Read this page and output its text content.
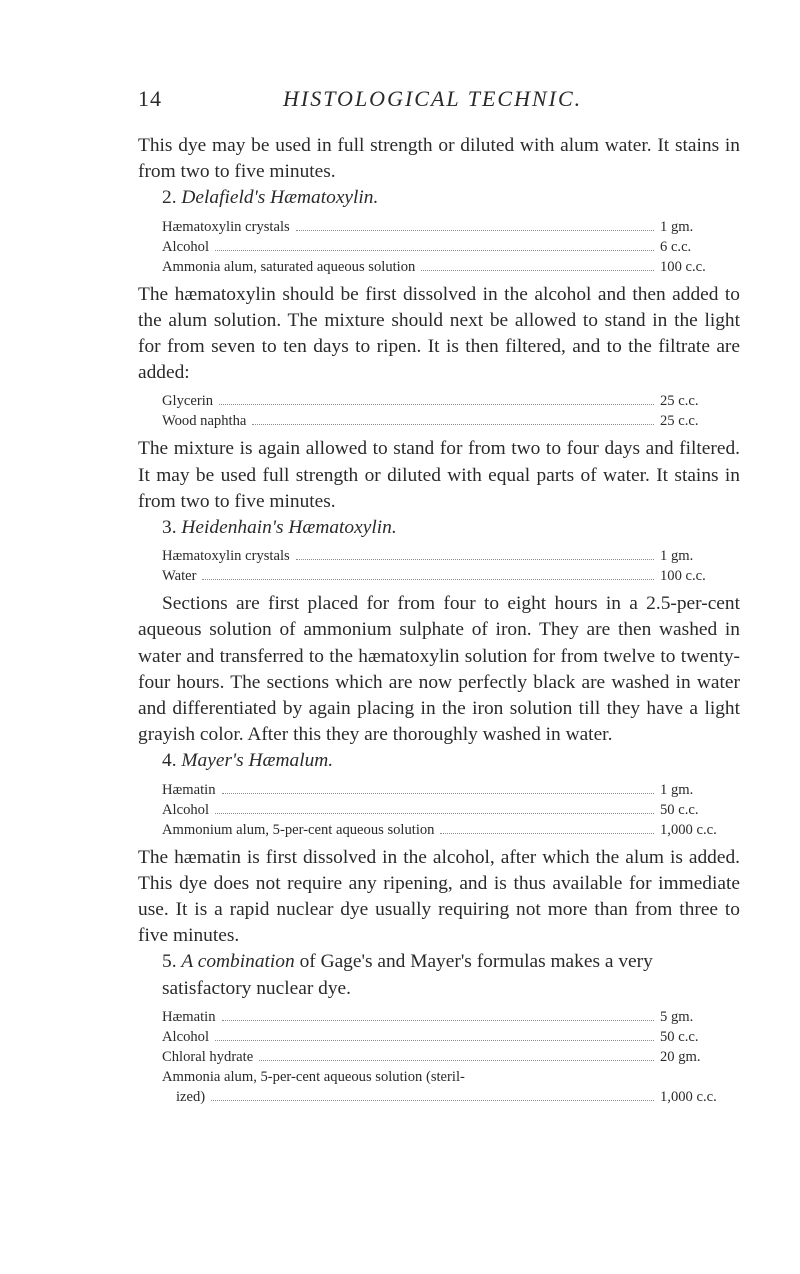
14	HISTOLOGICAL TECHNIC.

This dye may be used in full strength or diluted with alum water. It stains in from two to five minutes.

2. Delafield's Hæmatoxylin.

Hæmatoxylin crystals	1 gm.
Alcohol	6 c.c.
Ammonia alum, saturated aqueous solution	100 c.c.

The hæmatoxylin should be first dissolved in the alcohol and then added to the alum solution. The mixture should next be allowed to stand in the light for from seven to ten days to ripen. It is then filtered, and to the filtrate are added:

Glycerin	25 c.c.
Wood naphtha	25 c.c.

The mixture is again allowed to stand for from two to four days and filtered. It may be used full strength or diluted with equal parts of water. It stains in from two to five minutes.

3. Heidenhain's Hæmatoxylin.

Hæmatoxylin crystals	1 gm.
Water	100 c.c.

Sections are first placed for from four to eight hours in a 2.5-per-cent aqueous solution of ammonium sulphate of iron. They are then washed in water and transferred to the hæmatoxylin solution for from twelve to twenty-four hours. The sections which are now perfectly black are washed in water and differentiated by again placing in the iron solution till they have a light grayish color. After this they are thoroughly washed in water.

4. Mayer's Hæmalum.

Hæmatin	1 gm.
Alcohol	50 c.c.
Ammonium alum, 5-per-cent aqueous solution	1,000 c.c.

The hæmatin is first dissolved in the alcohol, after which the alum is added. This dye does not require any ripening, and is thus available for immediate use. It is a rapid nuclear dye usually requiring not more than from three to five minutes.

5. A combination of Gage's and Mayer's formulas makes a very satisfactory nuclear dye.

Hæmatin	5 gm.
Alcohol	50 c.c.
Chloral hydrate	20 gm.
Ammonia alum, 5-per-cent aqueous solution (steril-
ized)	1,000 c.c.
